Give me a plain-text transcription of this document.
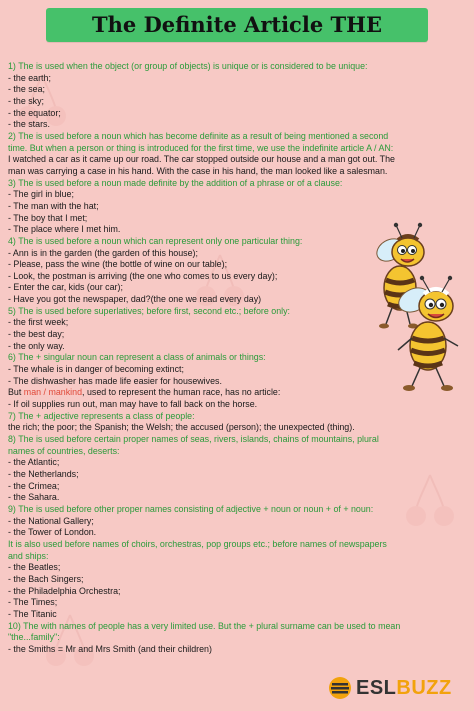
The Definite Article THE
1) The is used when the object (or group of objects) is unique or is considered to be unique:
- the earth;
- the sea;
- the sky;
- the equator;
- the stars.
2) The is used before a noun which has become definite as a result of being mentioned a second
time. But when a person or thing is introduced for the first time, we use the indefinite article A / AN:
I watched a car as it came up our road. The car stopped outside our house and a man got out. The
man was carrying a case in his hand. With the case in his hand, the man looked like a salesman.
3) The is used before a noun made definite by the addition of a phrase or of a clause:
- The girl in blue;
- The man with the hat;
- The boy that I met;
- The place where I met him.
4) The is used before a noun which can represent only one particular thing:
- Ann is in the garden (the garden of this house);
- Please, pass the wine (the bottle of wine on our table);
- Look, the postman is arriving (the one who comes to us every day);
- Enter the car, kids (our car);
- Have you got the newspaper, dad?(the one we read every day)
5) The is used before superlatives; before first, second etc.; before only:
- the first week;
- the best day;
- the only way.
6) The + singular noun can represent a class of animals or things:
- The whale is in danger of becoming extinct;
- The dishwasher has made life easier for housewives.
But man / mankind, used to represent the human race, has no article:
- If oil supplies run out, man may have to fall back on the horse.
7) The + adjective represents a class of people:
the rich; the poor; the Spanish; the Welsh; the accused (person); the unexpected (thing).
8) The is used before certain proper names of seas, rivers, islands, chains of mountains, plural
names of countries, deserts:
- the Atlantic;
- the Netherlands;
- the Crimea;
- the Sahara.
9) The is used before other proper names consisting of adjective + noun or noun + of + noun:
- the National Gallery;
- the Tower of London.
It is also used before names of choirs, orchestras, pop groups etc.; before names of newspapers
and ships:
- the Beatles;
- the Bach Singers;
- the Philadelphia Orchestra;
- The Times;
- The Titanic
10) The with names of people has a very limited use. But the + plural surname can be used to mean
"the...family":
- the Smiths = Mr and Mrs Smith (and their children)
ESLBUZZ
